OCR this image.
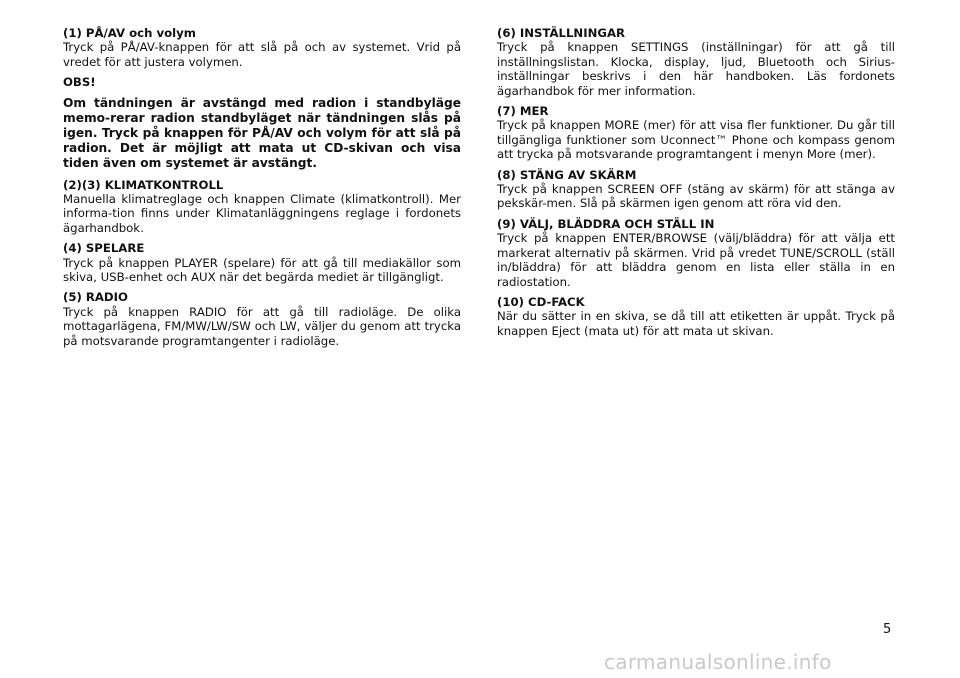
(1) PÅ/AV och volym
Tryck på PÅ/AV-knappen för att slå på och av systemet. Vrid på vredet för att justera volymen.
OBS!
Om tändningen är avstängd med radion i standbyläge memo-rerar radion standbyläget när tändningen slås på igen. Tryck på knappen för PÅ/AV och volym för att slå på radion. Det är möjligt att mata ut CD-skivan och visa tiden även om systemet är avstängt.
(2)(3) KLIMATKONTROLL
Manuella klimatreglage och knappen Climate (klimatkontroll). Mer informa-tion finns under Klimatanläggningens reglage i fordonets ägarhandbok.
(4) SPELARE
Tryck på knappen PLAYER (spelare) för att gå till mediakällor som skiva, USB-enhet och AUX när det begärda mediet är tillgängligt.
(5) RADIO
Tryck på knappen RADIO för att gå till radioläge. De olika mottagarlägena, FM/MW/LW/SW och LW, väljer du genom att trycka på motsvarande programtangenter i radioläge.
(6) INSTÄLLNINGAR
Tryck på knappen SETTINGS (inställningar) för att gå till inställningslistan. Klocka, display, ljud, Bluetooth och Sirius-inställningar beskrivs i den här handboken. Läs fordonets ägarhandbok för mer information.
(7) MER
Tryck på knappen MORE (mer) för att visa fler funktioner. Du går till tillgängliga funktioner som Uconnect™ Phone och kompass genom att trycka på motsvarande programtangent i menyn More (mer).
(8) STÄNG AV SKÄRM
Tryck på knappen SCREEN OFF (stäng av skärm) för att stänga av pekskär-men. Slå på skärmen igen genom att röra vid den.
(9) VÄLJ, BLÄDDRA OCH STÄLL IN
Tryck på knappen ENTER/BROWSE (välj/bläddra) för att välja ett markerat alternativ på skärmen. Vrid på vredet TUNE/SCROLL (ställ in/bläddra) för att bläddra genom en lista eller ställa in en radiostation.
(10) CD-FACK
När du sätter in en skiva, se då till att etiketten är uppåt. Tryck på knappen Eject (mata ut) för att mata ut skivan.
5
carmanualsonline.info
